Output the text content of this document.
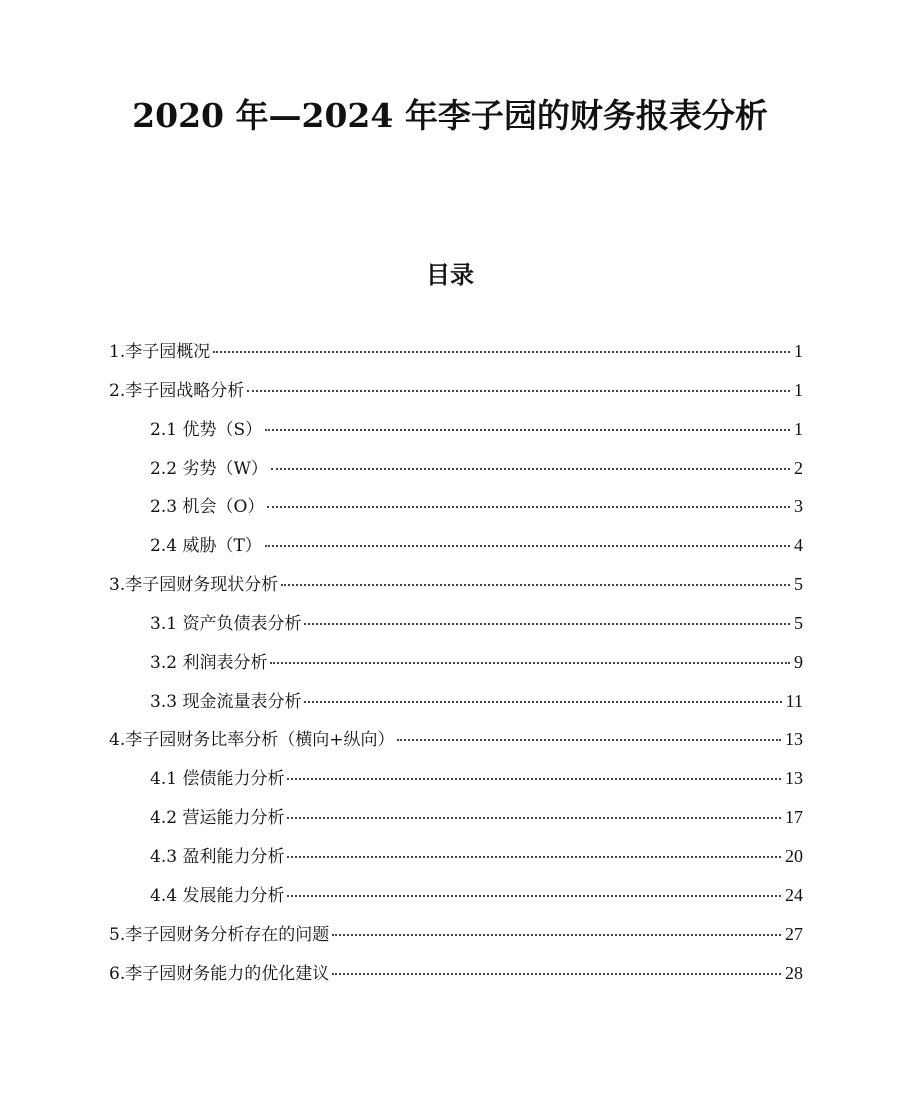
2020 年—2024 年李子园的财务报表分析
目录
1.李子园概况	1
2.李子园战略分析	1
2.1 优势（S）	1
2.2 劣势（W）	2
2.3 机会（O）	3
2.4 威胁（T）	4
3.李子园财务现状分析	5
3.1 资产负债表分析	5
3.2 利润表分析	9
3.3 现金流量表分析	11
4.李子园财务比率分析（横向+纵向）	13
4.1 偿债能力分析	13
4.2 营运能力分析	17
4.3 盈利能力分析	20
4.4 发展能力分析	24
5.李子园财务分析存在的问题	27
6.李子园财务能力的优化建议	28
